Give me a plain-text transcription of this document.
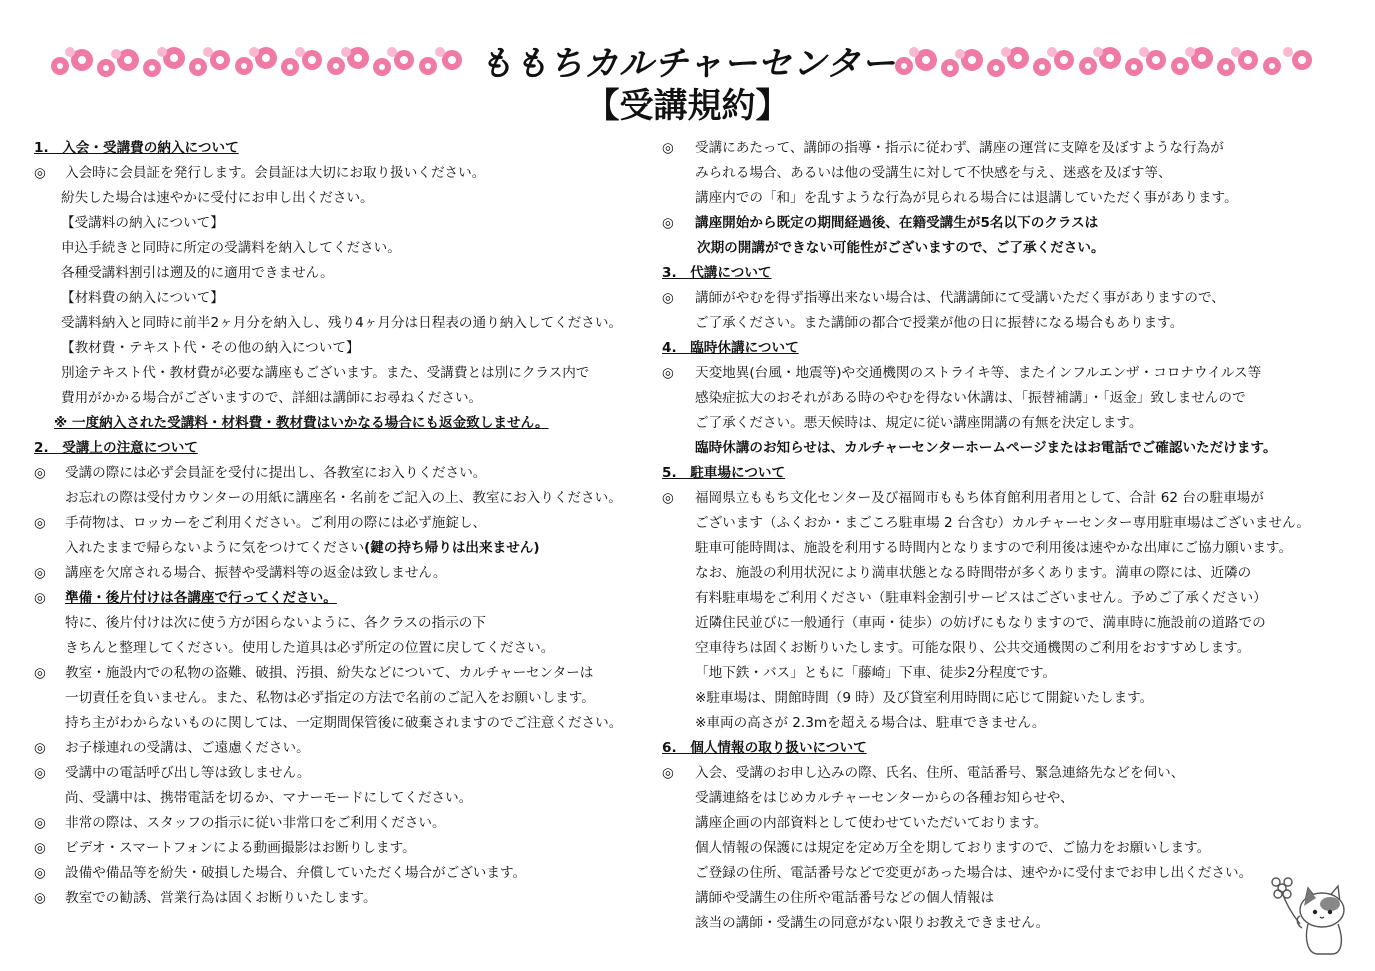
ももちカルチャーセンター
【受講規約】
1.　入会・受講費の納入について
◎	入会時に会員証を発行します。会員証は大切にお取り扱いください。
紛失した場合は速やかに受付にお申し出ください。
【受講料の納入について】
申込手続きと同時に所定の受講料を納入してください。
各種受講料割引は遡及的に適用できません。
【材料費の納入について】
受講料納入と同時に前半2ヶ月分を納入し、残り4ヶ月分は日程表の通り納入してください。
【教材費・テキスト代・その他の納入について】
別途テキスト代・教材費が必要な講座もございます。また、受講費とは別にクラス内で
費用がかかる場合がございますので、詳細は講師にお尋ねください。
※ 一度納入された受講料・材料費・教材費はいかなる場合にも返金致しません。
2.　受講上の注意について
◎	受講の際には必ず会員証を受付に提出し、各教室にお入りください。
お忘れの際は受付カウンターの用紙に講座名・名前をご記入の上、教室にお入りください。
◎	手荷物は、ロッカーをご利用ください。ご利用の際には必ず施錠し、
入れたままで帰らないように気をつけてください(鍵の持ち帰りは出来ません)
◎	講座を欠席される場合、振替や受講料等の返金は致しません。
◎	準備・後片付けは各講座で行ってください。
特に、後片付けは次に使う方が困らないように、各クラスの指示の下
きちんと整理してください。使用した道具は必ず所定の位置に戻してください。
◎	教室・施設内での私物の盗難、破損、汚損、紛失などについて、カルチャーセンターは
一切責任を負いません。また、私物は必ず指定の方法で名前のご記入をお願いします。
持ち主がわからないものに関しては、一定期間保管後に破棄されますのでご注意ください。
◎	お子様連れの受講は、ご遠慮ください。
◎	受講中の電話呼び出し等は致しません。
尚、受講中は、携帯電話を切るか、マナーモードにしてください。
◎	非常の際は、スタッフの指示に従い非常口をご利用ください。
◎	ビデオ・スマートフォンによる動画撮影はお断りします。
◎	設備や備品等を紛失・破損した場合、弁償していただく場合がございます。
◎	教室での勧誘、営業行為は固くお断りいたします。
◎	受講にあたって、講師の指導・指示に従わず、講座の運営に支障を及ぼすような行為が
みられる場合、あるいは他の受講生に対して不快感を与え、迷惑を及ぼす等、
講座内での「和」を乱すような行為が見られる場合には退講していただく事があります。
◎	講座開始から既定の期間経過後、在籍受講生が5名以下のクラスは
次期の開講ができない可能性がございますので、ご了承ください。
3.　代講について
◎	講師がやむを得ず指導出来ない場合は、代講講師にて受講いただく事がありますので、
ご了承ください。また講師の都合で授業が他の日に振替になる場合もあります。
4.　臨時休講について
◎	天変地異(台風・地震等)や交通機関のストライキ等、またインフルエンザ・コロナウイルス等
感染症拡大のおそれがある時のやむを得ない休講は、「振替補講」・「返金」致しませんので
ご了承ください。悪天候時は、規定に従い講座開講の有無を決定します。
臨時休講のお知らせは、カルチャーセンターホームページまたはお電話でご確認いただけます。
5.　駐車場について
◎	福岡県立ももち文化センター及び福岡市ももち体育館利用者用として、合計 62 台の駐車場が
ございます（ふくおか・まごころ駐車場 2 台含む）カルチャーセンター専用駐車場はございません。
駐車可能時間は、施設を利用する時間内となりますので利用後は速やかな出庫にご協力願います。
なお、施設の利用状況により満車状態となる時間帯が多くあります。満車の際には、近隣の
有料駐車場をご利用ください（駐車料金割引サービスはございません。予めご了承ください）
近隣住民並びに一般通行（車両・徒歩）の妨げにもなりますので、満車時に施設前の道路での
空車待ちは固くお断りいたします。可能な限り、公共交通機関のご利用をおすすめします。
「地下鉄・バス」ともに「藤崎」下車、徒歩2分程度です。
※駐車場は、開館時間（9 時）及び貸室利用時間に応じて開錠いたします。
※車両の高さが 2.3mを超える場合は、駐車できません。
6.　個人情報の取り扱いについて
◎	入会、受講のお申し込みの際、氏名、住所、電話番号、緊急連絡先などを伺い、
受講連絡をはじめカルチャーセンターからの各種お知らせや、
講座企画の内部資料として使わせていただいております。
個人情報の保護には規定を定め万全を期しておりますので、ご協力をお願いします。
ご登録の住所、電話番号などで変更があった場合は、速やかに受付までお申し出ください。
講師や受講生の住所や電話番号などの個人情報は
該当の講師・受講生の同意がない限りお教えできません。
